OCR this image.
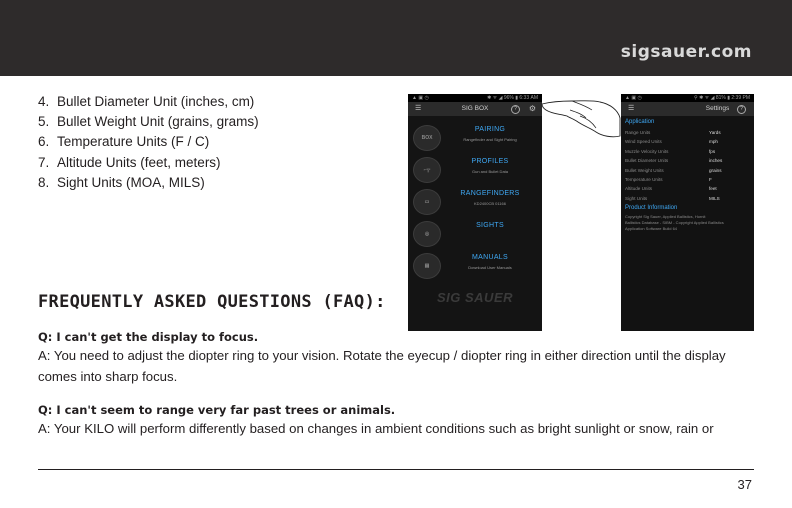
sigsauer.com
4. Bullet Diameter Unit (inches, cm)
5. Bullet Weight Unit (grains, grams)
6. Temperature Units (F / C)
7. Altitude Units (feet, meters)
8. Sight Units (MOA, MILS)
▲ ▣ ◷	✱ ᯤ ◢ 96% ▮ 6:33 AM
☰	SIG BOX	?	⚙
BOX
PAIRING
Rangefinder and Sight Pairing
⌐╦
PROFILES
Gun and Bullet Data
▭
RANGEFINDERS
KD2400CB 01166
◎
SIGHTS
▤
MANUALS
Download User Manuals
SIG SAUER
▲ ▣ ◷	⚲ ✱ ᯤ ◢ 81% ▮ 2:39 PM
☰	Settings	?
Application
Range Units	Yards
Wind Speed Units	mph
Muzzle Velocity Units	fps
Bullet Diameter Units	inches
Bullet Weight Units	grains
Temperature Units	F
Altitude Units	feet
Sight Units	MILS
Product Information
Copyright Sig Sauer, Applied Ballistics, Hornit
Ballistics Database - SIBM - Copyright Applied Ballistics
Application Software Build 64
FREQUENTLY ASKED QUESTIONS (FAQ):
Q: I can't get the display to focus.
A: You need to adjust the diopter ring to your vision. Rotate the eyecup / diopter ring in either direction until the display comes into sharp focus.
Q: I can't seem to range very far past trees or animals.
A: Your KILO will perform differently based on changes in ambient conditions such as bright sunlight or snow, rain or
37
